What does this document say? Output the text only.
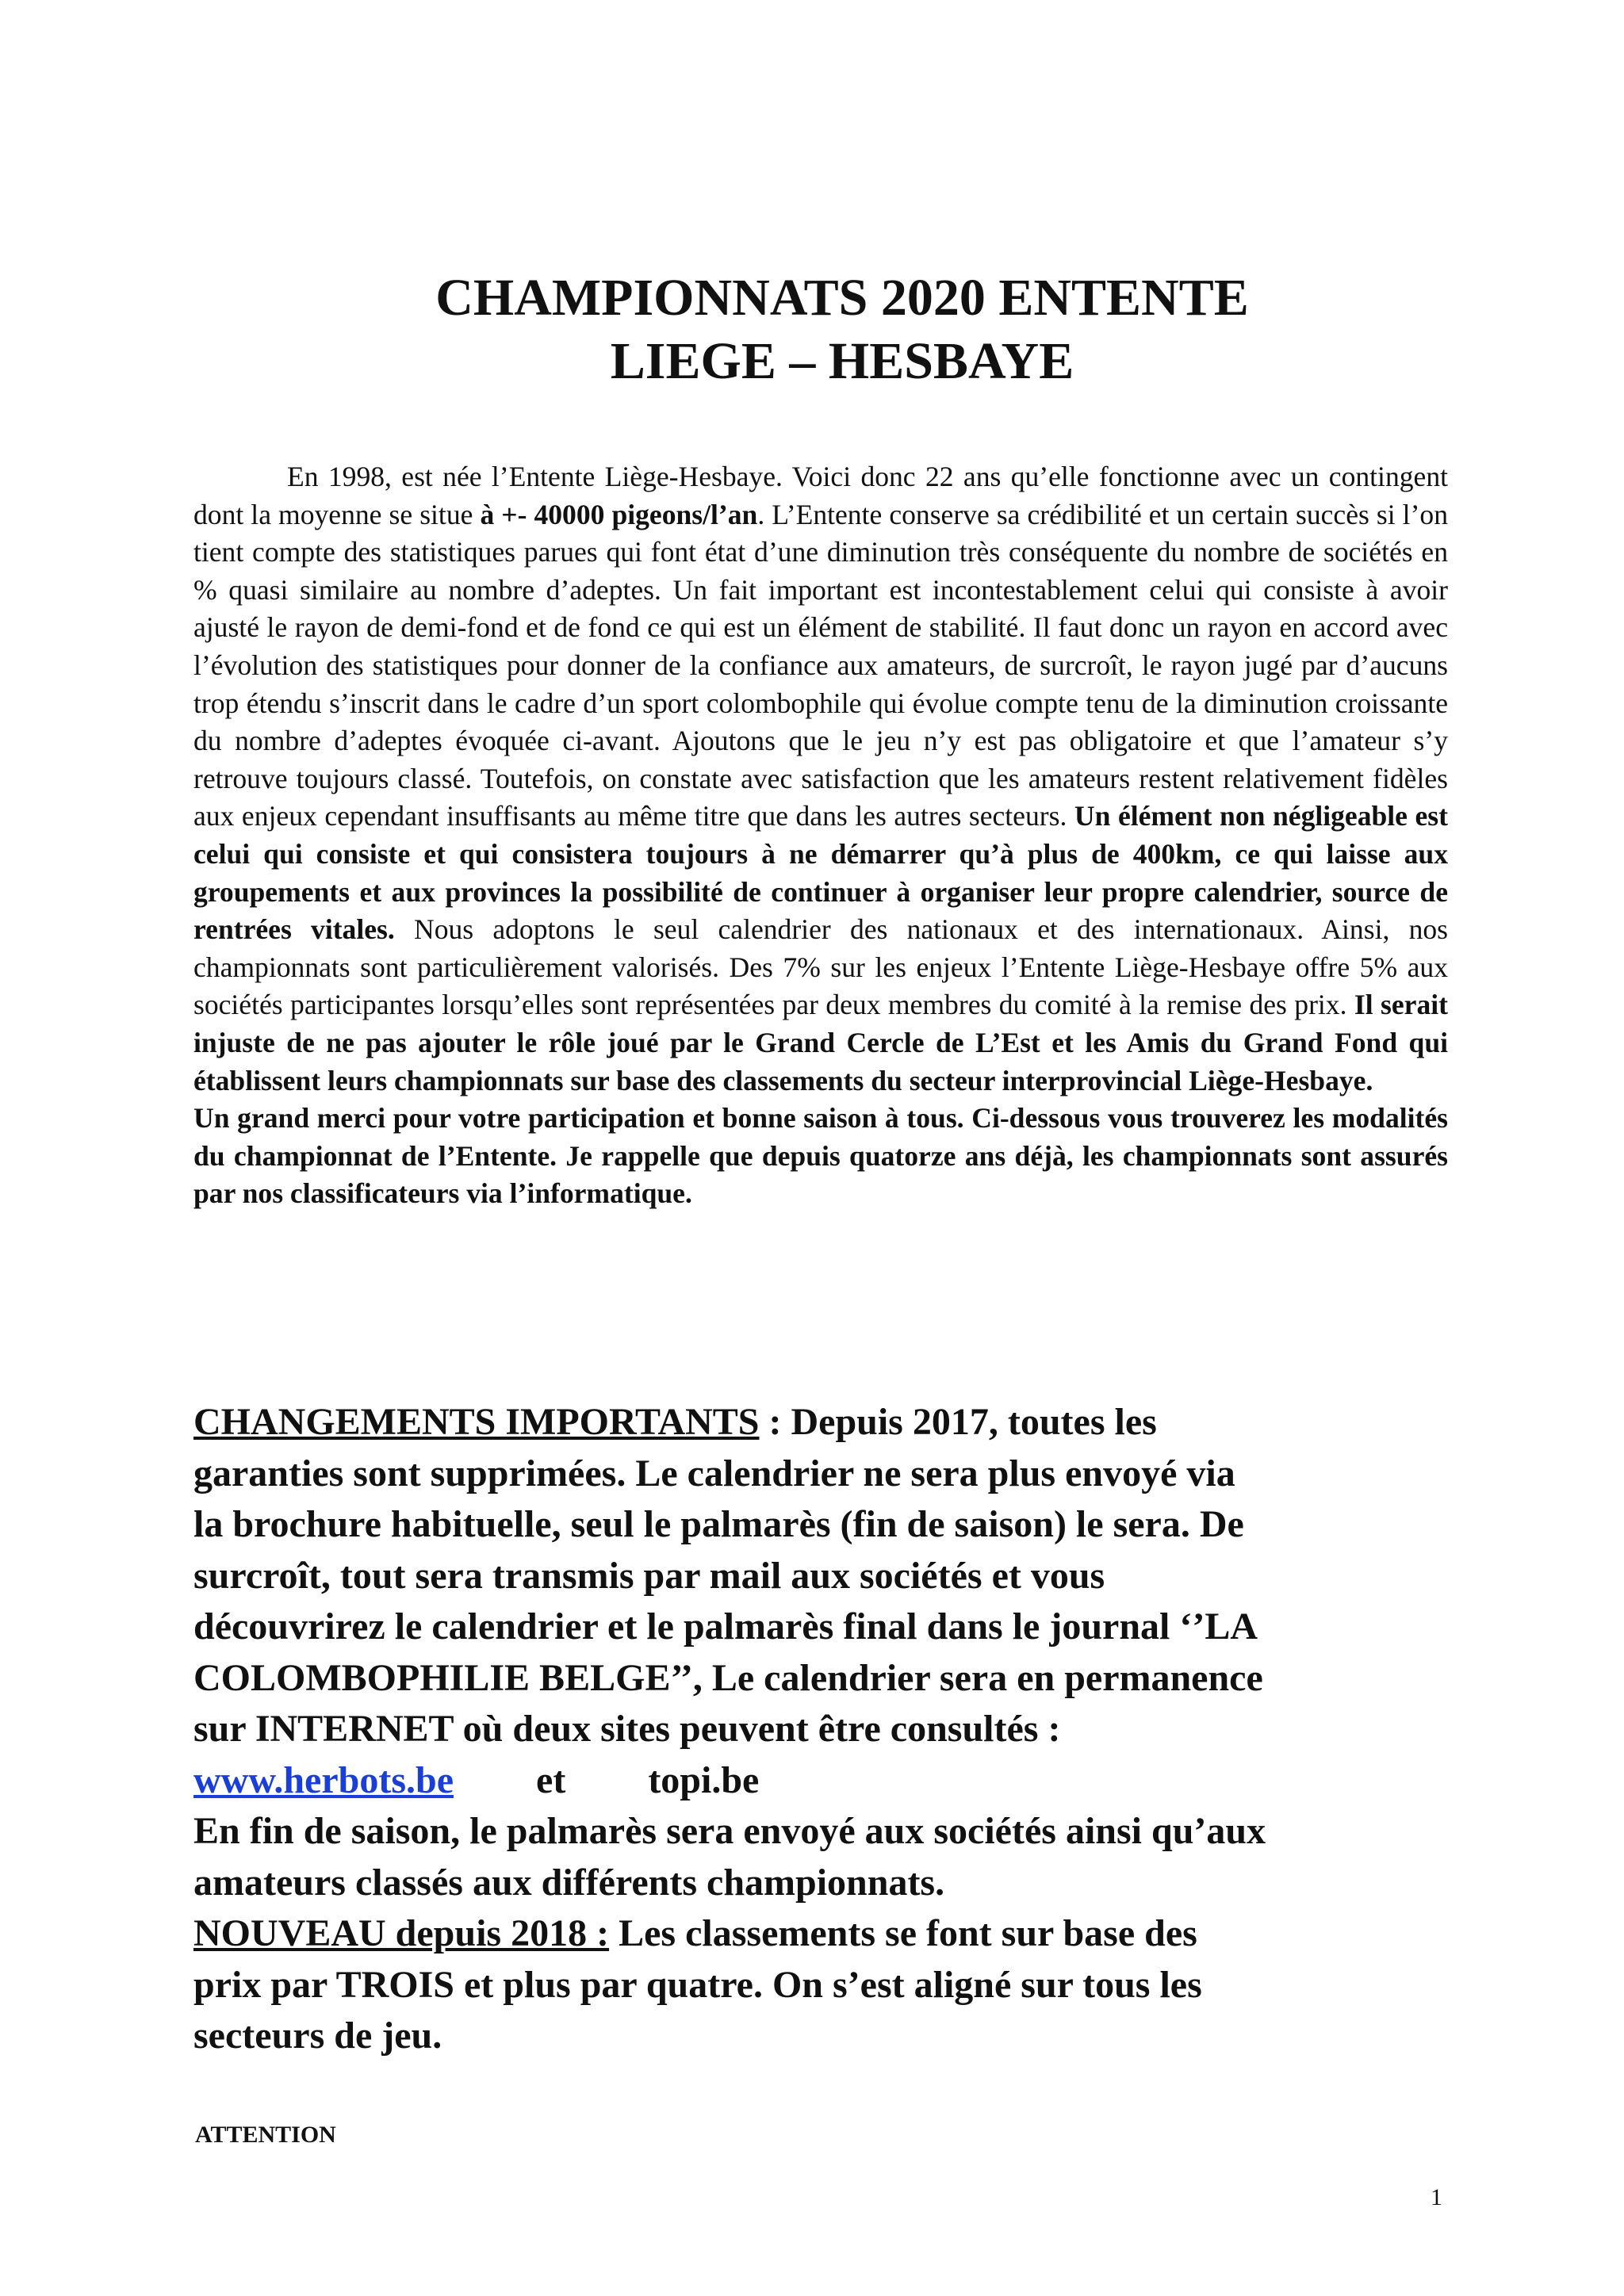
CHAMPIONNATS 2020 ENTENTE
LIEGE – HESBAYE

En 1998, est née l’Entente Liège-Hesbaye. Voici donc 22 ans qu’elle fonctionne avec un contingent dont la moyenne se situe à +- 40000 pigeons/l’an. L’Entente conserve sa crédibilité et un certain succès si l’on tient compte des statistiques parues qui font état d’une diminution très conséquente du nombre de sociétés en % quasi similaire au nombre d’adeptes. Un fait important est incontestablement celui qui consiste à avoir ajusté le rayon de demi-fond et de fond ce qui est un élément de stabilité. Il faut donc un rayon en accord avec l’évolution des statistiques pour donner de la confiance aux amateurs, de surcroît, le rayon jugé par d’aucuns trop étendu s’inscrit dans le cadre d’un sport colombophile qui évolue compte tenu de la diminution croissante du nombre d’adeptes évoquée ci-avant. Ajoutons que le jeu n’y est pas obligatoire et que l’amateur s’y retrouve toujours classé. Toutefois, on constate avec satisfaction que les amateurs restent relativement fidèles aux enjeux cependant insuffisants au même titre que dans les autres secteurs. Un élément non négligeable est celui qui consiste et qui consistera toujours à ne démarrer qu’à plus de 400km, ce qui laisse aux groupements et aux provinces la possibilité de continuer à organiser leur propre calendrier, source de rentrées vitales. Nous adoptons le seul calendrier des nationaux et des internationaux. Ainsi, nos championnats sont particulièrement valorisés. Des 7% sur les enjeux l’Entente Liège-Hesbaye offre 5% aux sociétés participantes lorsqu’elles sont représentées par deux membres du comité à la remise des prix. Il serait injuste de ne pas ajouter le rôle joué par le Grand Cercle de L’Est et les Amis du Grand Fond qui établissent leurs championnats sur base des classements du secteur interprovincial Liège-Hesbaye.
Un grand merci pour votre participation et bonne saison à tous. Ci-dessous vous trouverez les modalités du championnat de l’Entente. Je rappelle que depuis quatorze ans déjà, les championnats sont assurés par nos classificateurs via l’informatique.

CHANGEMENTS IMPORTANTS : Depuis 2017, toutes les
garanties sont supprimées. Le calendrier ne sera plus envoyé via
la brochure habituelle, seul le palmarès (fin de saison) le sera. De
surcroît, tout sera transmis par mail aux sociétés et vous
découvrirez le calendrier et le palmarès final dans le journal ‘’LA
COLOMBOPHILIE BELGE’’, Le calendrier sera en permanence
sur INTERNET où deux sites peuvent être consultés :
www.herbots.be et topi.be
En fin de saison, le palmarès sera envoyé aux sociétés ainsi qu’aux
amateurs classés aux différents championnats.
NOUVEAU depuis 2018 : Les classements se font sur base des
prix par TROIS et plus par quatre. On s’est aligné sur tous les
secteurs de jeu.

ATTENTION

1
